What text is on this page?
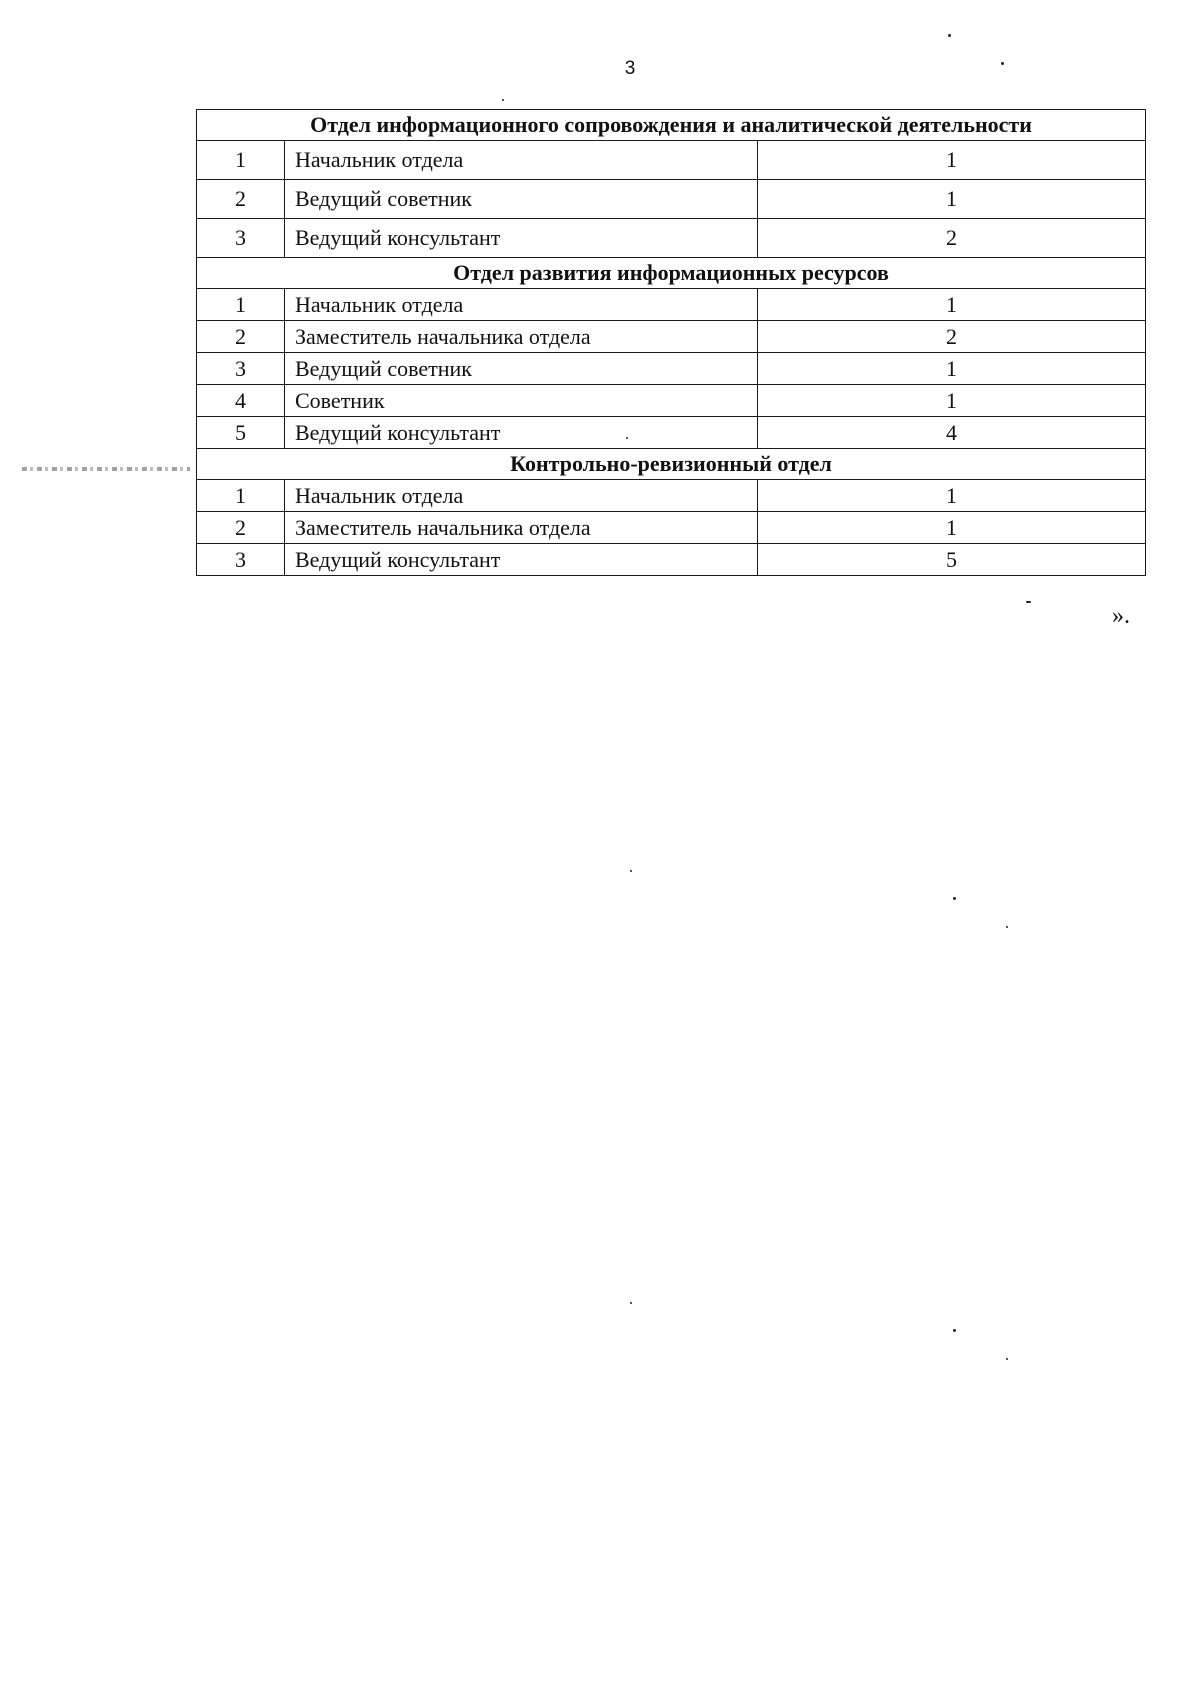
3
Отдел информационного сопровождения и аналитической деятельности		
1	Начальник отдела	1
2	Ведущий советник	1
3	Ведущий консультант	2
Отдел развития информационных ресурсов		
1	Начальник отдела	1
2	Заместитель начальника отдела	2
3	Ведущий советник	1
4	Советник	1
5	Ведущий консультант	4
Контрольно-ревизионный отдел		
1	Начальник отдела	1
2	Заместитель начальника отдела	1
3	Ведущий консультант	5
».
